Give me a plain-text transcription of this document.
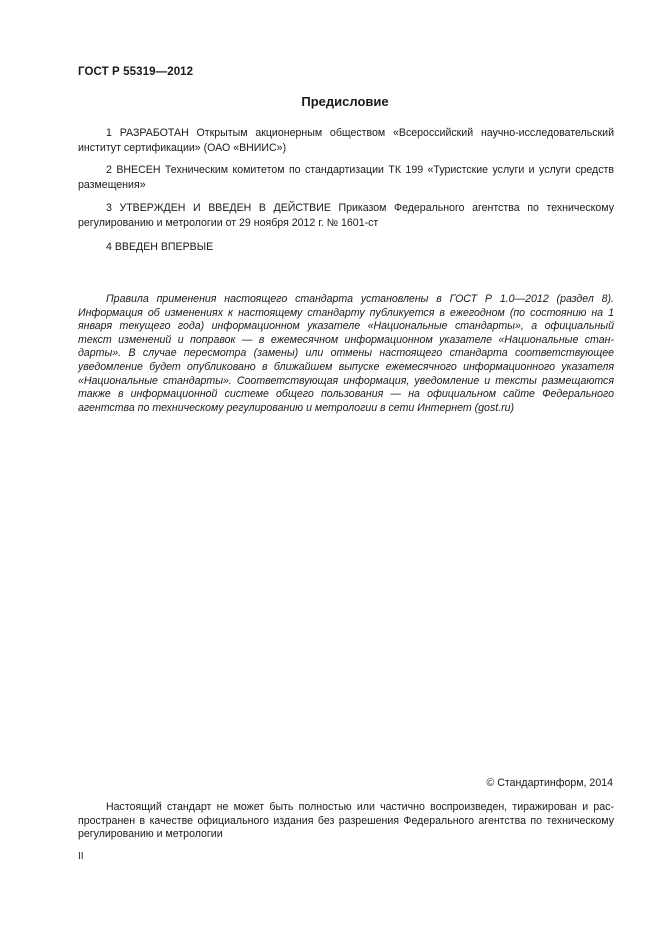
ГОСТ Р 55319—2012
Предисловие
1 РАЗРАБОТАН Открытым акционерным обществом «Всероссийский научно-исследовательский институт сертификации» (ОАО «ВНИИС»)
2 ВНЕСЕН Техническим комитетом по стандартизации ТК 199 «Туристские услуги и услуги средств размещения»
3 УТВЕРЖДЕН И ВВЕДЕН В ДЕЙСТВИЕ Приказом Федерального агентства по техническому регулированию и метрологии от 29 ноября 2012 г. № 1601-ст
4 ВВЕДЕН ВПЕРВЫЕ
Правила применения настоящего стандарта установлены в ГОСТ Р 1.0—2012 (раздел 8). Информация об изменениях к настоящему стандарту публикуется в ежегодном (по состоянию на 1 января текущего года) информационном указателе «Национальные стандарты», а официальный текст изменений и поправок — в ежемесячном информационном указателе «Национальные стандарты». В случае пересмотра (замены) или отмены настоящего стандарта соответствующее уведомление будет опубликовано в ближайшем выпуске ежемесячного информационного указателя «Национальные стандарты». Соответствующая информация, уведомление и тексты размещаются также в информационной системе общего пользования — на официальном сайте Федерального агентства по техническому регулированию и метрологии в сети Интернет (gost.ru)
© Стандартинформ, 2014
Настоящий стандарт не может быть полностью или частично воспроизведен, тиражирован и распространен в качестве официального издания без разрешения Федерального агентства по техническому регулированию и метрологии
II
